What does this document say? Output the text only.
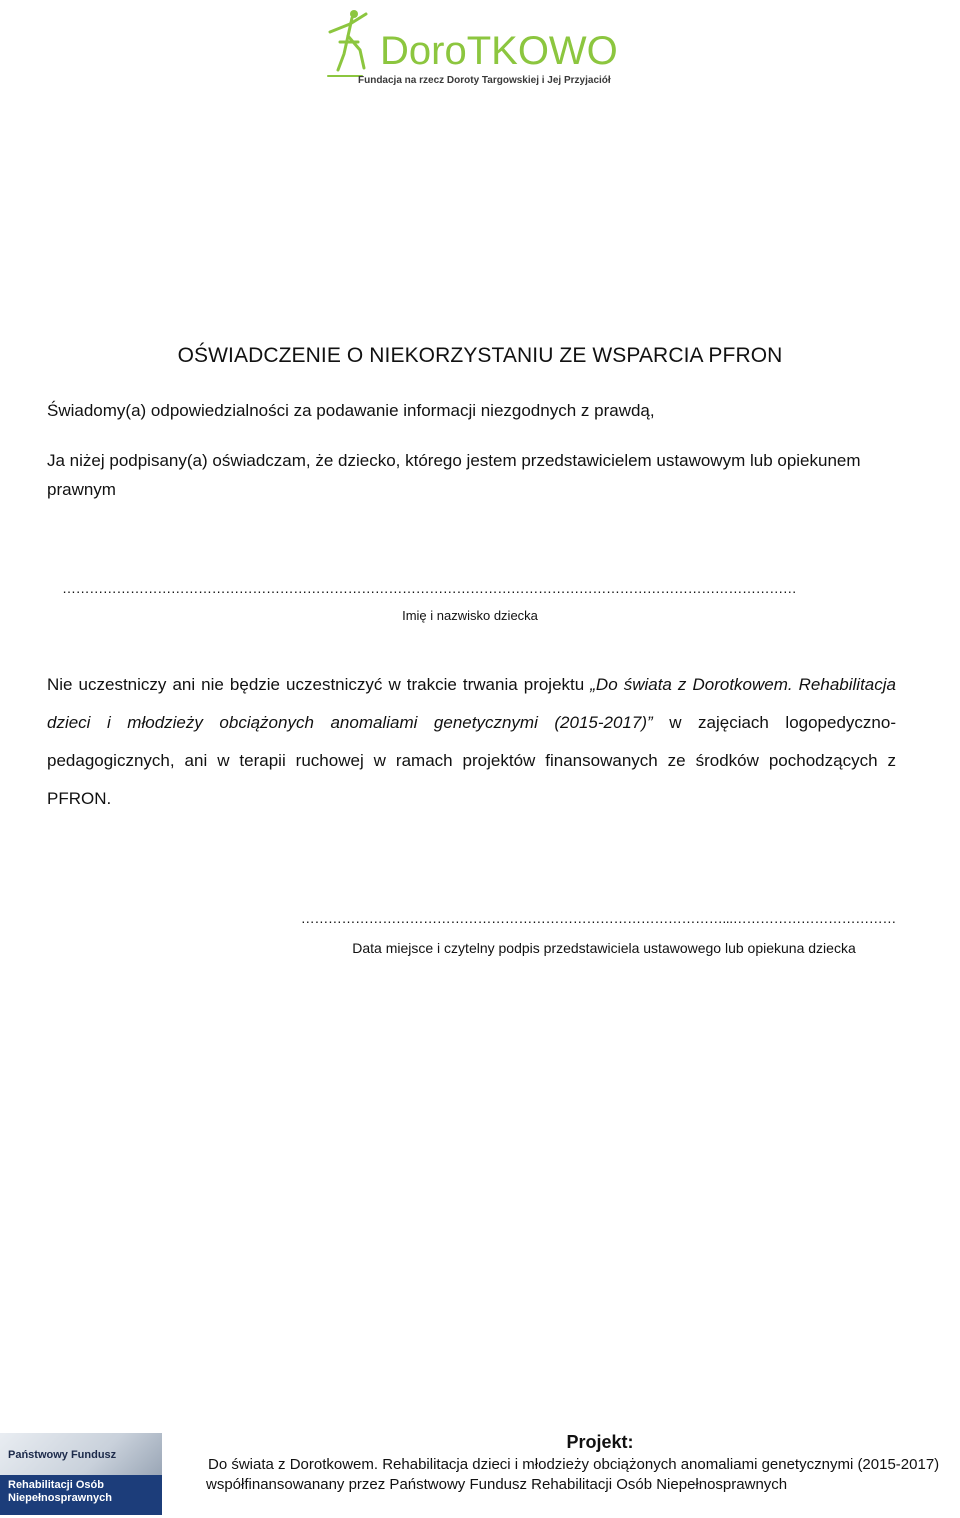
DoroTKOWO
Fundacja na rzecz Doroty Targowskiej i Jej Przyjaciół
OŚWIADCZENIE O NIEKORZYSTANIU ZE WSPARCIA PFRON
Świadomy(a) odpowiedzialności za podawanie informacji niezgodnych z prawdą,
Ja niżej podpisany(a) oświadczam, że dziecko, którego jestem przedstawicielem ustawowym lub opiekunem prawnym
………………………………………………………………………………………………………………………………………………
Imię i nazwisko dziecka
Nie uczestniczy ani nie będzie uczestniczyć w trakcie trwania projektu „Do świata z Dorotkowem. Rehabilitacja dzieci i młodzieży obciążonych anomaliami genetycznymi (2015-2017)” w zajęciach logopedyczno-pedagogicznych, ani w terapii ruchowej w ramach projektów finansowanych ze środków pochodzących z PFRON.
…………………………………………………………………………………...………………………………
Data miejsce i czytelny podpis przedstawiciela ustawowego lub opiekuna dziecka
Państwowy Fundusz
Rehabilitacji Osób
Niepełnosprawnych
Projekt:
Do świata z Dorotkowem. Rehabilitacja dzieci i młodzieży obciążonych anomaliami genetycznymi (2015-2017)
współfinansowanany przez Państwowy Fundusz Rehabilitacji Osób Niepełnosprawnych
